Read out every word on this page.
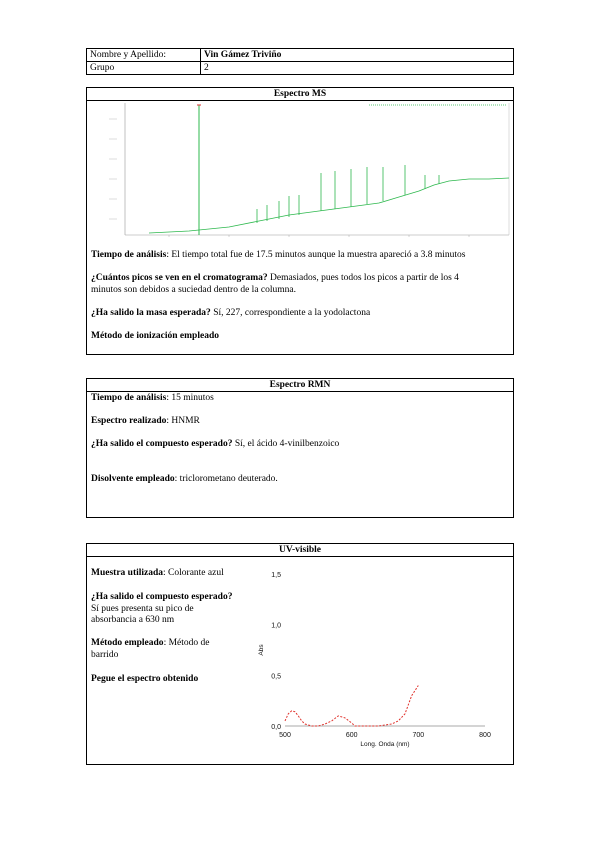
Nombre y Apellido:	Vin Gámez Triviño
Grupo	2
Espectro MS
Tiempo de análisis: El tiempo total fue de 17.5 minutos aunque la muestra apareció a 3.8 minutos
¿Cuántos picos se ven en el cromatograma? Demasiados, pues todos los picos a partir de los 4
minutos son debidos a suciedad dentro de la columna.
¿Ha salido la masa esperada? Sí, 227, correspondiente a la yodolactona
Método de ionización empleado
Espectro RMN
Tiempo de análisis: 15 minutos
Espectro realizado: HNMR
¿Ha salido el compuesto esperado? Sí, el ácido 4-vinilbenzoico
Disolvente empleado: triclorometano deuterado.
UV-visible
Muestra utilizada: Colorante azul
¿Ha salido el compuesto esperado?
Sí pues presenta su pico de
absorbancia a 630 nm
Método empleado: Método de
barrido
Pegue el espectro obtenido
0,0
0,5
1,0
1,5
500	600	700	800
Long. Onda (nm)
Abs
